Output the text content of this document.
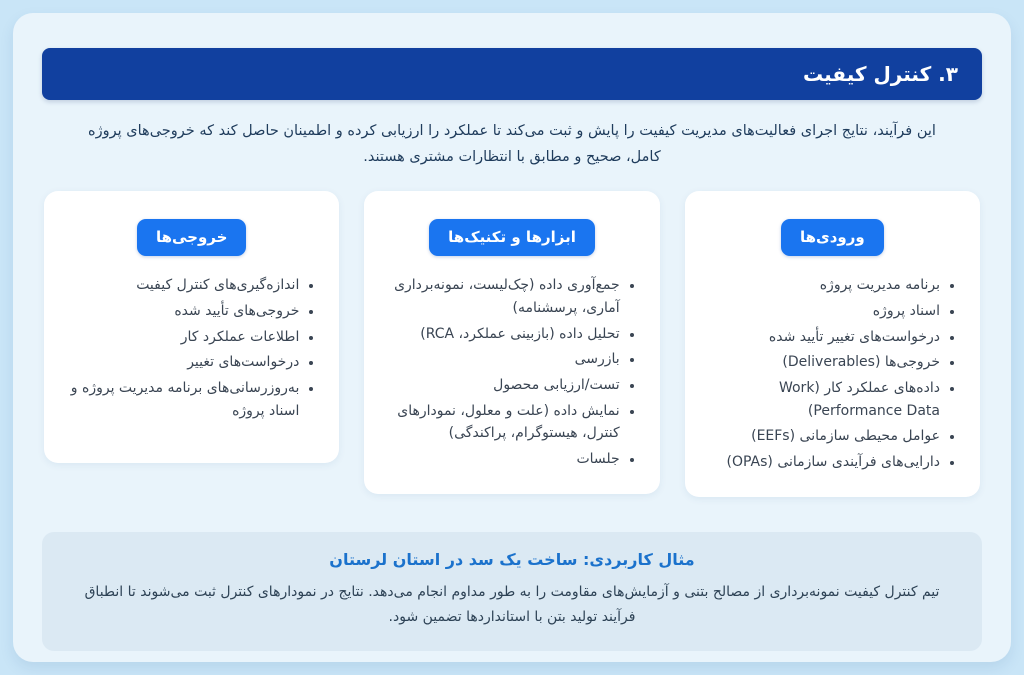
۳. کنترل کیفیت

این فرآیند، نتایج اجرای فعالیت‌های مدیریت کیفیت را پایش و ثبت می‌کند تا عملکرد را ارزیابی کرده و اطمینان حاصل کند که خروجی‌های پروژه کامل، صحیح و مطابق با انتظارات مشتری هستند.

ورودی‌ها
• برنامه مدیریت پروژه
• اسناد پروژه
• درخواست‌های تغییر تأیید شده
• خروجی‌ها (Deliverables)
• داده‌های عملکرد کار (Work Performance Data)
• عوامل محیطی سازمانی (EEFs)
• دارایی‌های فرآیندی سازمانی (OPAs)
ابزارها و تکنیک‌ها
• جمع‌آوری داده (چک‌لیست، نمونه‌برداری آماری، پرسشنامه)
• تحلیل داده (بازبینی عملکرد، RCA)
• بازرسی
• تست/ارزیابی محصول
• نمایش داده (علت و معلول، نمودارهای کنترل، هیستوگرام، پراکندگی)
• جلسات
خروجی‌ها
• اندازه‌گیری‌های کنترل کیفیت
• خروجی‌های تأیید شده
• اطلاعات عملکرد کار
• درخواست‌های تغییر
• به‌روزرسانی‌های برنامه مدیریت پروژه و اسناد پروژه
مثال کاربردی: ساخت یک سد در استان لرستان

تیم کنترل کیفیت نمونه‌برداری از مصالح بتنی و آزمایش‌های مقاومت را به طور مداوم انجام می‌دهد. نتایج در نمودارهای کنترل ثبت می‌شوند تا انطباق فرآیند تولید بتن با استانداردها تضمین شود.
